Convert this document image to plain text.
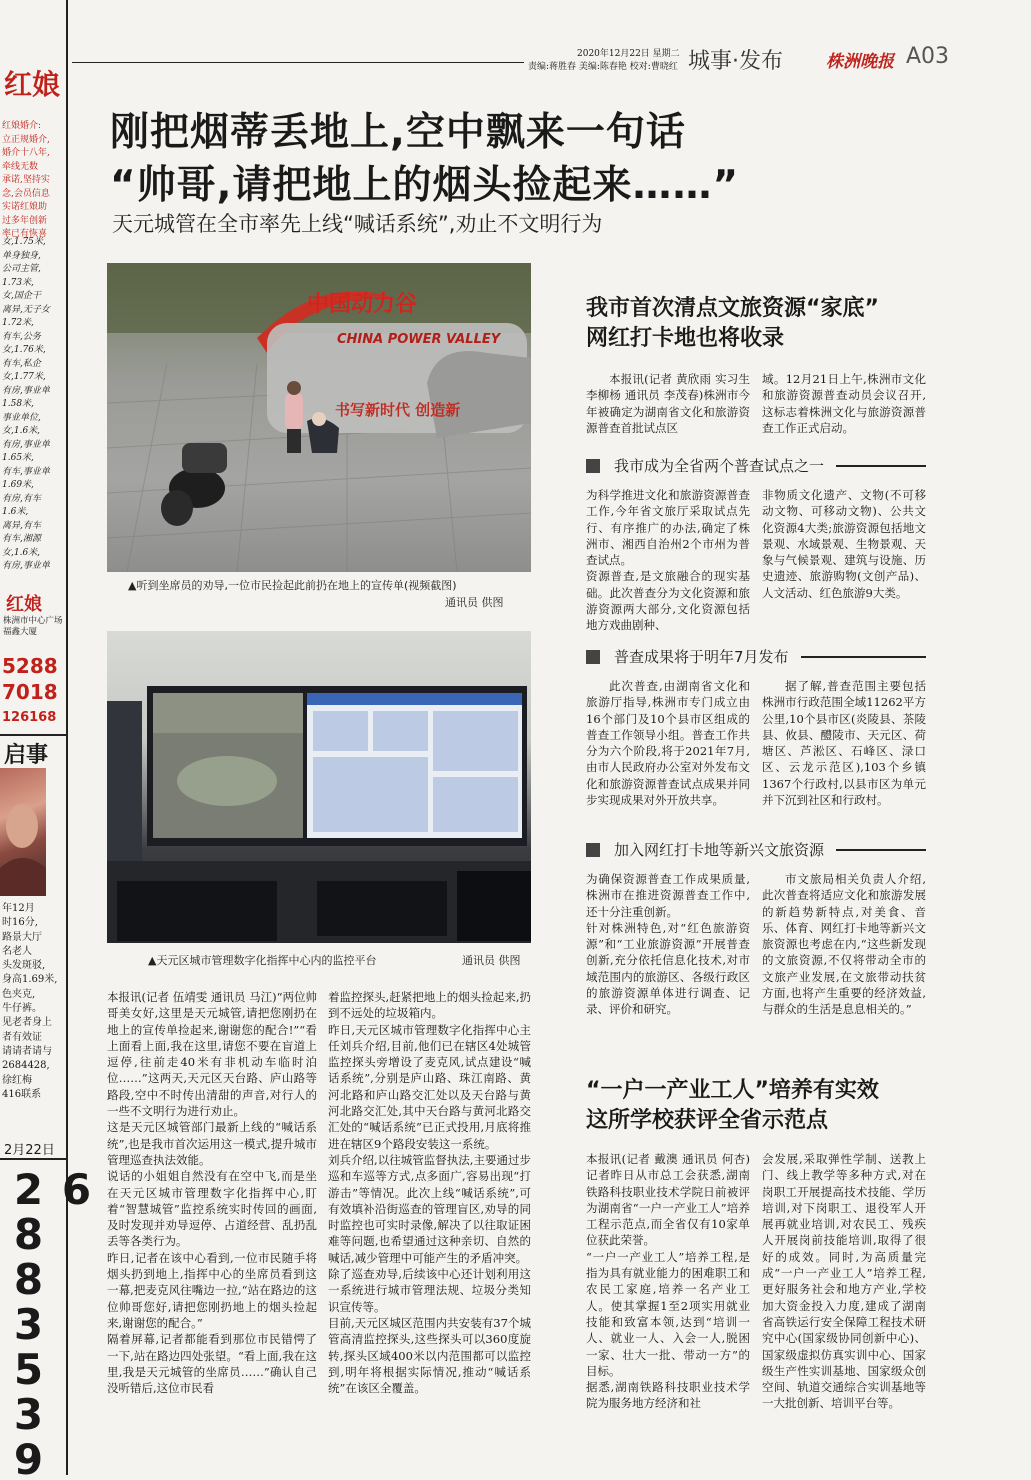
2020年12月22日 星期二
责编:蒋胜春 美编:陈春艳 校对:曹晓红 城事·发布	株洲晚报 A03
红娘
红娘婚介:
立正规婚介,
婚介十八年,
牵线无数
承诺,坚持实
念,会员信息
实诺红娘助
过多年创新
率已有恢喜
女,1.75米,
单身独身,
公司主管,
1.73米,
女,国企干
离异,无子女
1.72米,
有车,公务
女,1.76米,
有车,私企
女,1.77米,
有房,事业单
1.58米,
事业单位,
女,1.6米,
有房,事业单
1.65米,
有车,事业单
1.69米,
有房,有车
1.6米,
离异,有车
有车,湘源
女,1.6米,
有房,事业单
红娘
株洲市中心广场福鑫大厦
5288
7018
126168
启事
年12月
时16分,
路景大厅
名老人
头发斑驳,
身高1.69米,
色夹克,
牛仔裤。
见老者身上
者有效证
请请者请与
2684428,
徐红梅
416联系
2月22日
2883539 6
刚把烟蒂丢地上,空中飘来一句话
“帅哥,请把地上的烟头捡起来……”
天元城管在全市率先上线“喊话系统”,劝止不文明行为
中国动力谷
CHINA POWER VALLEY
书写新时代 创造新
▲听到坐席员的劝导,一位市民捡起此前扔在地上的宣传单(视频截图)
通讯员 供图
▲天元区城市管理数字化指挥中心内的监控平台	通讯员 供图
本报讯(记者 伍靖雯 通讯员 马江)“两位帅哥美女好,这里是天元城管,请把您刚扔在地上的宣传单捡起来,谢谢您的配合!”“看上面看上面,我在这里,请您不要在盲道上逗停,往前走40米有非机动车临时泊位……”这两天,天元区天台路、庐山路等路段,空中不时传出清甜的声音,对行人的一些不文明行为进行劝止。
这是天元区城管部门最新上线的“喊话系统”,也是我市首次运用这一模式,提升城市管理巡查执法效能。
说话的小姐姐自然没有在空中飞,而是坐在天元区城市管理数字化指挥中心,盯着“智慧城管”监控系统实时传回的画面,及时发现并劝导逗停、占道经营、乱扔乱丢等各类行为。
昨日,记者在该中心看到,一位市民随手将烟头扔到地上,指挥中心的坐席员看到这一幕,把麦克风往嘴边一拉,“站在路边的这位帅哥您好,请把您刚扔地上的烟头捡起来,谢谢您的配合。”
隔着屏幕,记者都能看到那位市民错愕了一下,站在路边四处张望。“看上面,我在这里,我是天元城管的坐席员……”确认自己没听错后,这位市民看
着监控探头,赶紧把地上的烟头捡起来,扔到不远处的垃圾箱内。
昨日,天元区城市管理数字化指挥中心主任刘兵介绍,目前,他们已在辖区4处城管监控探头旁增设了麦克风,试点建设“喊话系统”,分别是庐山路、珠江南路、黄河北路和庐山路交汇处以及天台路与黄河北路交汇处,其中天台路与黄河北路交汇处的“喊话系统”已正式投用,月底将推进在辖区9个路段安装这一系统。
刘兵介绍,以往城管监督执法,主要通过步巡和车巡等方式,点多面广,容易出现“打游击”等情况。此次上线“喊话系统”,可有效填补沿街巡查的管理盲区,劝导的同时监控也可实时录像,解决了以往取证困难等问题,也希望通过这种亲切、自然的喊话,减少管理中可能产生的矛盾冲突。
除了巡查劝导,后续该中心还计划利用这一系统进行城市管理法规、垃圾分类知识宣传等。
目前,天元区城区范围内共安装有37个城管高清监控探头,这些探头可以360度旋转,探头区域400米以内范围都可以监控到,明年将根据实际情况,推动“喊话系统”在该区全覆盖。
我市首次清点文旅资源“家底”
网红打卡地也将收录
本报讯(记者 黄欣雨 实习生 李柳杨 通讯员 李茂春)株洲市今年被确定为湖南省文化和旅游资源普查首批试点区
域。12月21日上午,株洲市文化和旅游资源普查动员会议召开,这标志着株洲文化与旅游资源普查工作正式启动。
我市成为全省两个普查试点之一
为科学推进文化和旅游资源普查工作,今年省文旅厅采取试点先行、有序推广的办法,确定了株洲市、湘西自治州2个市州为普查试点。
资源普查,是文旅融合的现实基础。此次普查分为文化资源和旅游资源两大部分,文化资源包括地方戏曲剧种、
非物质文化遗产、文物(不可移动文物、可移动文物)、公共文化资源4大类;旅游资源包括地文景观、水域景观、生物景观、天象与气候景观、建筑与设施、历史遗迹、旅游购物(文创产品)、人文活动、红色旅游9大类。
普查成果将于明年7月发布
此次普查,由湖南省文化和旅游厅指导,株洲市专门成立由16个部门及10个县市区组成的普查工作领导小组。普查工作共分为六个阶段,将于2021年7月,由市人民政府办公室对外发布文化和旅游资源普查试点成果并同步实现成果对外开放共享。
据了解,普查范围主要包括株洲市行政范围全域11262平方公里,10个县市区(炎陵县、茶陵县、攸县、醴陵市、天元区、荷塘区、芦淞区、石峰区、渌口区、云龙示范区),103个乡镇1367个行政村,以县市区为单元并下沉到社区和行政村。
加入网红打卡地等新兴文旅资源
为确保资源普查工作成果质量,株洲市在推进资源普查工作中,还十分注重创新。
针对株洲特色,对“红色旅游资源”和“工业旅游资源”开展普查创新,充分依托信息化技术,对市域范围内的旅游区、各级行政区的旅游资源单体进行调查、记录、评价和研究。
市文旅局相关负责人介绍,此次普查将适应文化和旅游发展的新趋势新特点,对美食、音乐、体育、网红打卡地等新兴文旅资源也考虑在内,“这些新发现的文旅资源,不仅将带动全市的文旅产业发展,在文旅带动扶贫方面,也将产生重要的经济效益,与群众的生活是息息相关的。”
“一户一产业工人”培养有实效
这所学校获评全省示范点
本报讯(记者 戴澳 通讯员 何杏)记者昨日从市总工会获悉,湖南铁路科技职业技术学院日前被评为湖南省“一户一产业工人”培养工程示范点,而全省仅有10家单位获此荣誉。
“一户一产业工人”培养工程,是指为具有就业能力的困难职工和农民工家庭,培养一名产业工人。使其掌握1至2项实用就业技能和致富本领,达到“培训一人、就业一人、入会一人,脱困一家、壮大一批、带动一方”的目标。
据悉,湖南铁路科技职业技术学院为服务地方经济和社
会发展,采取弹性学制、送教上门、线上教学等多种方式,对在岗职工开展提高技术技能、学历培训,对下岗职工、退役军人开展再就业培训,对农民工、残疾人开展岗前技能培训,取得了很好的成效。同时,为高质量完成“一户一产业工人”培养工程,更好服务社会和地方产业,学校加大资金投入力度,建成了湖南省高铁运行安全保障工程技术研究中心(国家级协同创新中心)、国家级虚拟仿真实训中心、国家级生产性实训基地、国家级众创空间、轨道交通综合实训基地等一大批创新、培训平台等。
